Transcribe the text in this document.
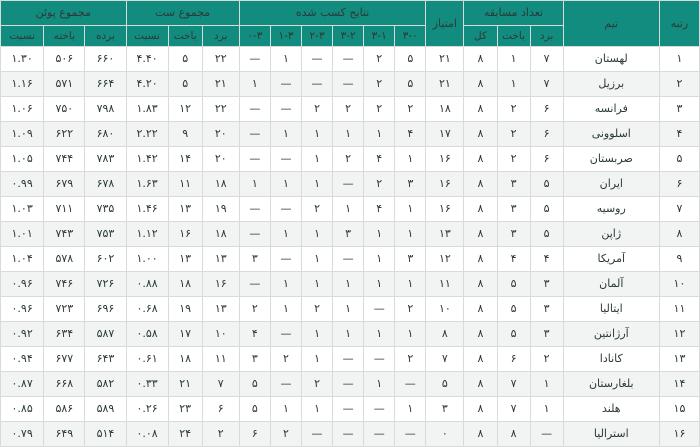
رتبه	تیم	تعداد مسابقه			امتیاز	نتایج کسب شده						مجموع ست			مجموع پوئن		
		برد	باخت	کل		۳-۰	۳-۱	۳-۲	۲-۳	۱-۳	۰-۳	برد	باخت	نسبت	برده	باخته	نسبت
۱	لهستان	۷	۱	۸	۲۱	۵	۲	—	—	۱	—	۲۲	۵	۴.۴۰	۶۶۰	۵۰۶	۱.۳۰
۲	برزیل	۷	۱	۸	۲۱	۵	۲	—	—	—	۱	۲۱	۵	۴.۲۰	۶۶۴	۵۷۱	۱.۱۶
۳	فرانسه	۶	۲	۸	۱۸	۲	۲	۲	۲	—	—	۲۲	۱۲	۱.۸۳	۷۹۸	۷۵۰	۱.۰۶
۴	اسلوونی	۶	۲	۸	۱۷	۴	۱	۱	۱	۱	—	۲۰	۹	۲.۲۲	۶۸۰	۶۲۲	۱.۰۹
۵	صربستان	۶	۲	۸	۱۶	۱	۴	۲	۱	—	—	۲۰	۱۴	۱.۴۲	۷۸۳	۷۴۴	۱.۰۵
۶	ایران	۵	۳	۸	۱۶	۳	۲	—	۱	۱	۱	۱۸	۱۱	۱.۶۳	۶۷۸	۶۷۹	۰.۹۹
۷	روسیه	۵	۳	۸	۱۶	۱	۴	۱	۲	—	—	۱۹	۱۳	۱.۴۶	۷۳۵	۷۱۱	۱.۰۳
۸	ژاپن	۵	۳	۸	۱۳	۱	۱	۳	۱	۱	—	۱۸	۱۶	۱.۱۲	۷۵۳	۷۴۳	۱.۰۱
۹	آمریکا	۴	۴	۸	۱۲	۳	۱	—	۱	—	۳	۱۳	۱۳	۱.۰۰	۶۰۲	۵۷۸	۱.۰۴
۱۰	آلمان	۳	۵	۸	۱۱	۱	۱	۱	۱	۱	—	۱۶	۱۸	۰.۸۸	۷۲۶	۷۴۶	۰.۹۶
۱۱	ایتالیا	۳	۵	۸	۱۰	۲	—	۱	۲	۱	۲	۱۳	۱۹	۰.۶۸	۶۹۶	۷۲۳	۰.۹۶
۱۲	آرژانتین	۳	۵	۸	۸	۱	۱	۱	۱	—	۴	۱۰	۱۷	۰.۵۸	۵۸۷	۶۳۴	۰.۹۲
۱۳	کانادا	۲	۶	۸	۷	۲	—	—	۱	۲	۳	۱۱	۱۸	۰.۶۱	۶۴۳	۶۷۷	۰.۹۴
۱۴	بلغارستان	۱	۷	۸	۵	—	۱	—	۲	—	۵	۷	۲۱	۰.۳۳	۵۸۲	۶۶۸	۰.۸۷
۱۵	هلند	۱	۷	۸	۳	۱	—	—	۱	۱	۵	۶	۲۳	۰.۲۶	۵۸۹	۵۸۶	۰.۸۵
۱۶	استرالیا	—	۸	۸	۰	—	—	—	—	۲	۶	۲	۲۴	۰.۰۸	۵۱۴	۶۴۹	۰.۷۹
